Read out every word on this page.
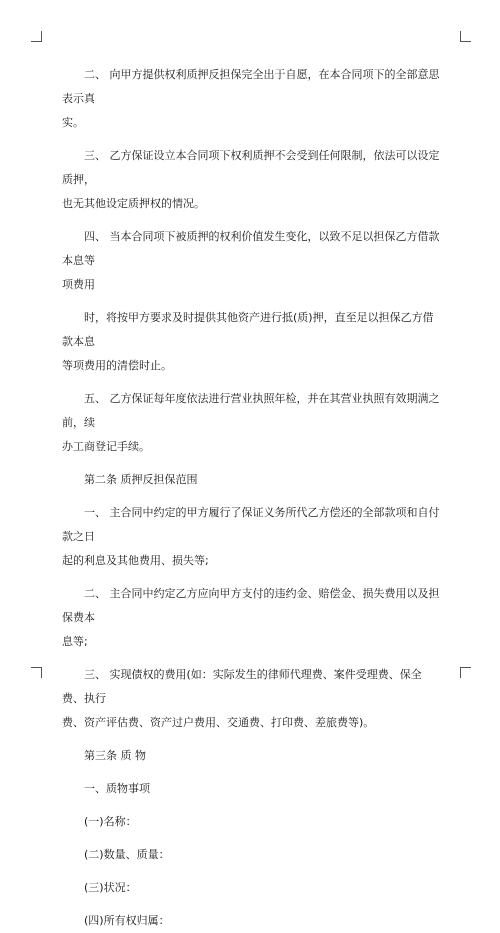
二、 向甲方提供权利质押反担保完全出于自愿，在本合同项下的全部意思表示真

实。

三、 乙方保证设立本合同项下权利质押不会受到任何限制，依法可以设定质押，

也无其他设定质押权的情况。

四、 当本合同项下被质押的权利价值发生变化，以致不足以担保乙方借款本息等

项费用

时，将按甲方要求及时提供其他资产进行抵(质)押，直至足以担保乙方借款本息

等项费用的清偿时止。

五、 乙方保证每年度依法进行营业执照年检，并在其营业执照有效期满之前，续

办工商登记手续。

第二条 质押反担保范围

一、 主合同中约定的甲方履行了保证义务所代乙方偿还的全部款项和自付款之日

起的利息及其他费用、损失等;

二、 主合同中约定乙方应向甲方支付的违约金、赔偿金、损失费用以及担保费本

息等;

三、 实现债权的费用(如：实际发生的律师代理费、案件受理费、保全费、执行

费、资产评估费、资产过户费用、交通费、打印费、差旅费等)。

第三条 质 物

一、质物事项

(一)名称：

(二)数量、质量：

(三)状况：

(四)所有权归属：
